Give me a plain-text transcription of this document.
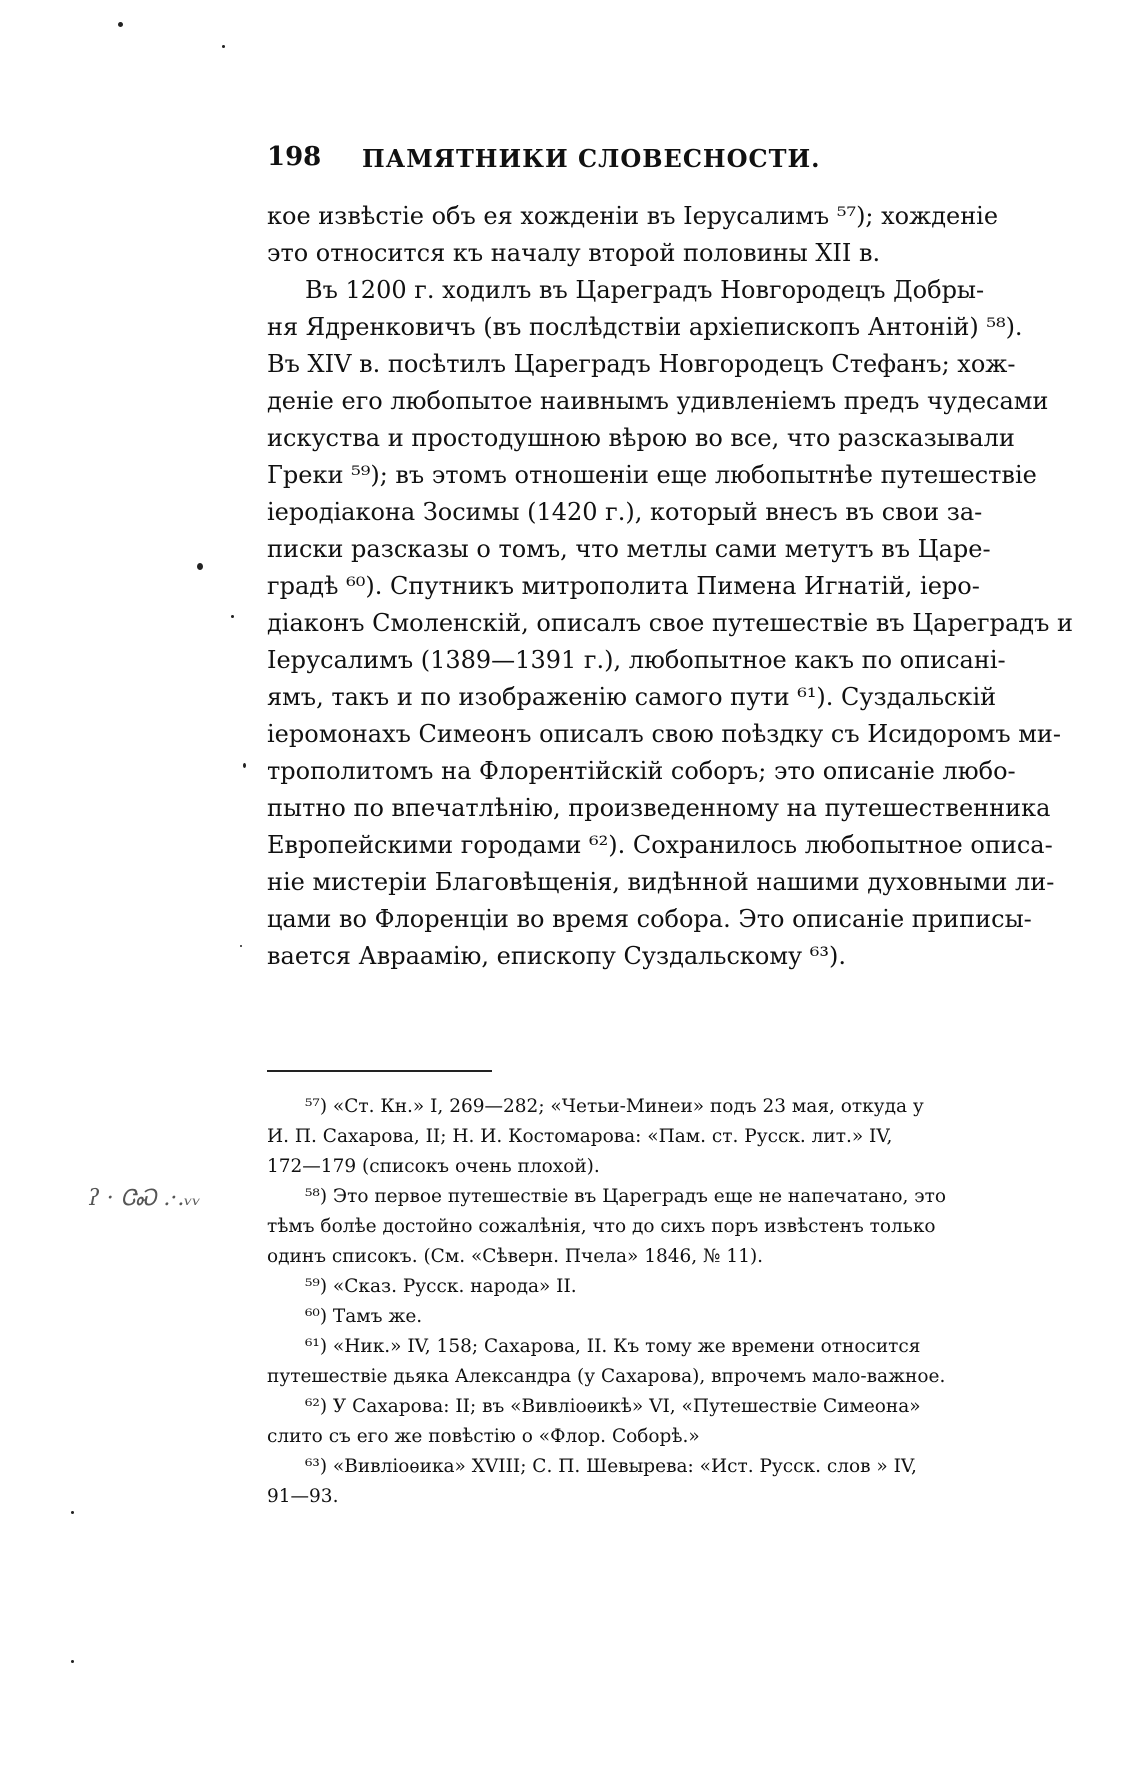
198 ПАМЯТНИКИ СЛОВЕСНОСТИ.
кое извѣстіе объ ея хожденіи въ Іерусалимъ ⁵⁷); хожденіе
это относится къ началу второй половины XII в.
Въ 1200 г. ходилъ въ Цареградъ Новгородецъ Добры-
ня Ядренковичъ (въ послѣдствіи архіепископъ Антоній) ⁵⁸).
Въ XIV в. посѣтилъ Цареградъ Новгородецъ Стефанъ; хож-
деніе его любопытое наивнымъ удивленіемъ предъ чудесами
искуства и простодушною вѣрою во все, что разсказывали
Греки ⁵⁹); въ этомъ отношеніи еще любопытнѣе путешествіе
іеродіакона Зосимы (1420 г.), который внесъ въ свои за-
писки разсказы о томъ, что метлы сами метутъ въ Царе-
градѣ ⁶⁰). Спутникъ митрополита Пимена Игнатій, іеро-
діаконъ Смоленскій, описалъ свое путешествіе въ Цареградъ и
Іерусалимъ (1389—1391 г.), любопытное какъ по описані-
ямъ, такъ и по изображенію самого пути ⁶¹). Суздальскій
іеромонахъ Симеонъ описалъ свою поѣздку съ Исидоромъ ми-
трополитомъ на Флорентійскій соборъ; это описаніе любо-
пытно по впечатлѣнію, произведенному на путешественника
Европейскими городами ⁶²). Сохранилось любопытное описа-
ніе мистеріи Благовѣщенія, видѣнной нашими духовными ли-
цами во Флоренціи во время собора. Это описаніе приписы-
вается Авраамію, епископу Суздальскому ⁶³).
⁵⁷) «Ст. Кн.» I, 269—282; «Четьи-Минеи» подъ 23 мая, откуда у
И. П. Сахарова, II; Н. И. Костомарова: «Пам. ст. Русск. лит.» IV,
172—179 (списокъ очень плохой).
⁵⁸) Это первое путешествіе въ Цареградъ еще не напечатано, это
тѣмъ болѣе достойно сожалѣнія, что до сихъ поръ извѣстенъ только
одинъ списокъ. (См. «Сѣверн. Пчела» 1846, № 11).
⁵⁹) «Сказ. Русск. народа» II.
⁶⁰) Тамъ же.
⁶¹) «Ник.» IV, 158; Сахарова, II. Къ тому же времени относится
путешествіе дьяка Александра (у Сахарова), впрочемъ мало-важное.
⁶²) У Сахарова: II; въ «Вивліоѳикѣ» VI, «Путешествіе Симеона»
слито съ его же повѣстію о «Флор. Соборѣ.»
⁶³) «Вивліоѳика» XVIII; С. П. Шевырева: «Ист. Русск. слов » IV,
91—93.
ʔ · ᏣᏍ .·.ᵥᵥ
